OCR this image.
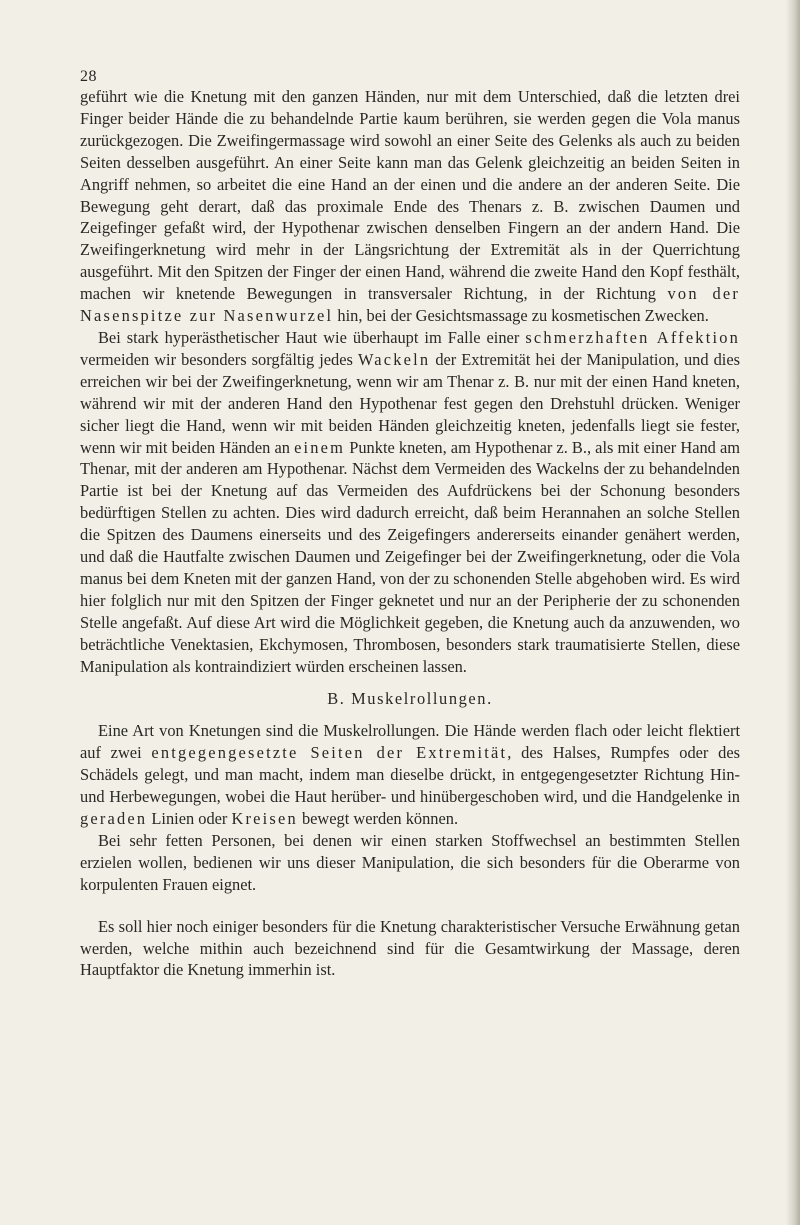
28

geführt wie die Knetung mit den ganzen Händen, nur mit dem Unterschied, daß die letzten drei Finger beider Hände die zu behandelnde Partie kaum berühren, sie werden gegen die Vola manus zurückgezogen. Die Zweifingermassage wird sowohl an einer Seite des Gelenks als auch zu beiden Seiten desselben ausgeführt. An einer Seite kann man das Gelenk gleichzeitig an beiden Seiten in Angriff nehmen, so arbeitet die eine Hand an der einen und die andere an der anderen Seite. Die Bewegung geht derart, daß das proximale Ende des Thenars z. B. zwischen Daumen und Zeigefinger gefaßt wird, der Hypothenar zwischen denselben Fingern an der andern Hand. Die Zweifingerknetung wird mehr in der Längsrichtung der Extremität als in der Querrichtung ausgeführt. Mit den Spitzen der Finger der einen Hand, während die zweite Hand den Kopf festhält, machen wir knetende Bewegungen in transversaler Richtung, in der Richtung von der Nasenspitze zur Nasenwurzel hin, bei der Gesichtsmassage zu kosmetischen Zwecken.

Bei stark hyperästhetischer Haut wie überhaupt im Falle einer schmerzhaften Affektion vermeiden wir besonders sorgfältig jedes Wackeln der Extremität hei der Manipulation, und dies erreichen wir bei der Zweifingerknetung, wenn wir am Thenar z. B. nur mit der einen Hand kneten, während wir mit der anderen Hand den Hypothenar fest gegen den Drehstuhl drücken. Weniger sicher liegt die Hand, wenn wir mit beiden Händen gleichzeitig kneten, jedenfalls liegt sie fester, wenn wir mit beiden Händen an einem Punkte kneten, am Hypothenar z. B., als mit einer Hand am Thenar, mit der anderen am Hypothenar. Nächst dem Vermeiden des Wackelns der zu behandelnden Partie ist bei der Knetung auf das Vermeiden des Aufdrückens bei der Schonung besonders bedürftigen Stellen zu achten. Dies wird dadurch erreicht, daß beim Herannahen an solche Stellen die Spitzen des Daumens einerseits und des Zeigefingers andererseits einander genähert werden, und daß die Hautfalte zwischen Daumen und Zeigefinger bei der Zweifingerknetung, oder die Vola manus bei dem Kneten mit der ganzen Hand, von der zu schonenden Stelle abgehoben wird. Es wird hier folglich nur mit den Spitzen der Finger geknetet und nur an der Peripherie der zu schonenden Stelle angefaßt. Auf diese Art wird die Möglichkeit gegeben, die Knetung auch da anzuwenden, wo beträchtliche Venektasien, Ekchymosen, Thrombosen, besonders stark traumatisierte Stellen, diese Manipulation als kontraindiziert würden erscheinen lassen.

B. Muskelrollungen.

Eine Art von Knetungen sind die Muskelrollungen. Die Hände werden flach oder leicht flektiert auf zwei entgegengesetzte Seiten der Extremität, des Halses, Rumpfes oder des Schädels gelegt, und man macht, indem man dieselbe drückt, in entgegengesetzter Richtung Hin- und Herbewegungen, wobei die Haut herüber- und hinübergeschoben wird, und die Handgelenke in geraden Linien oder Kreisen bewegt werden können.

Bei sehr fetten Personen, bei denen wir einen starken Stoffwechsel an bestimmten Stellen erzielen wollen, bedienen wir uns dieser Manipulation, die sich besonders für die Oberarme von korpulenten Frauen eignet.

Es soll hier noch einiger besonders für die Knetung charakteristischer Versuche Erwähnung getan werden, welche mithin auch bezeichnend sind für die Gesamtwirkung der Massage, deren Hauptfaktor die Knetung immerhin ist.
